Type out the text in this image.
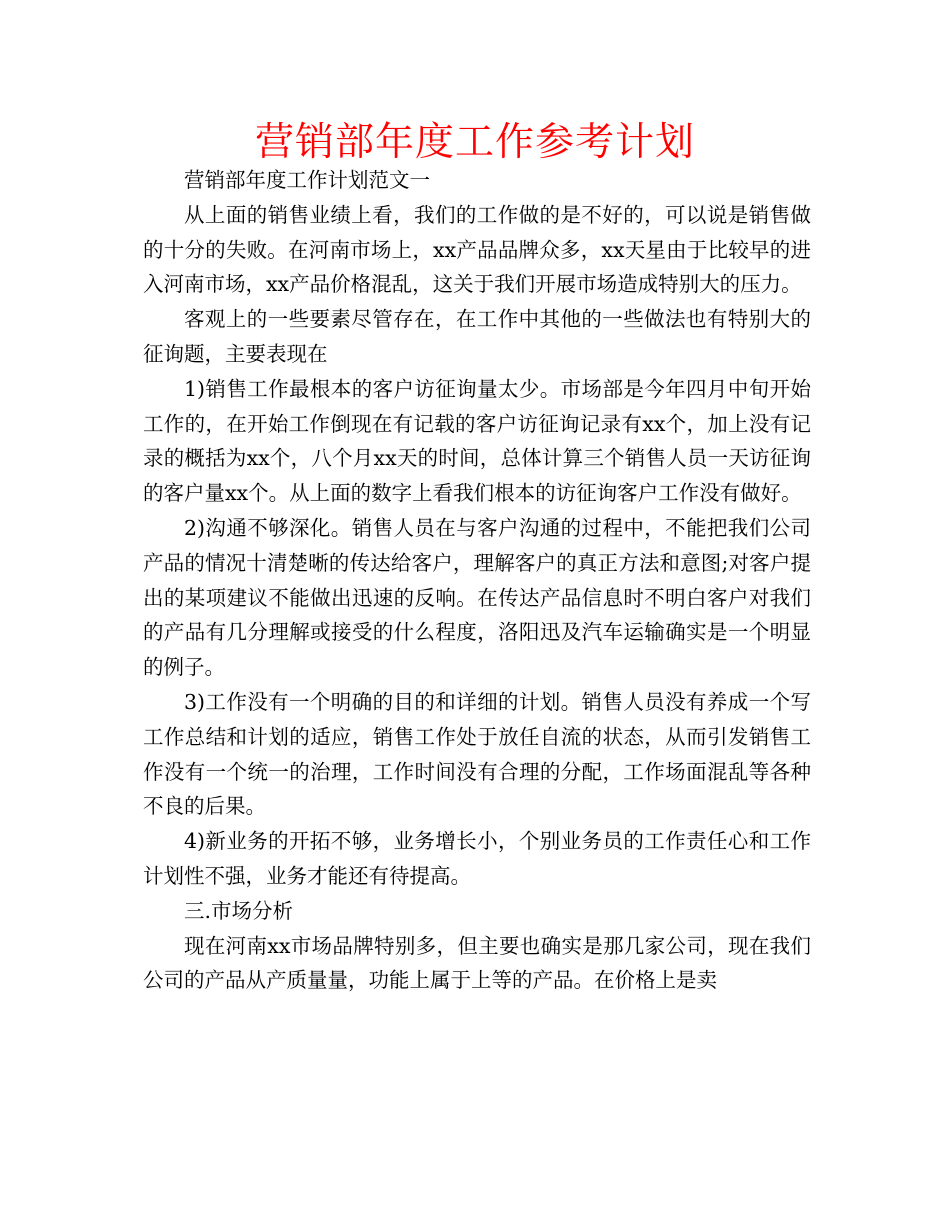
营销部年度工作参考计划

营销部年度工作计划范文一

从上面的销售业绩上看，我们的工作做的是不好的，可以说是销售做的十分的失败。在河南市场上，xx产品品牌众多，xx天星由于比较早的进入河南市场，xx产品价格混乱，这关于我们开展市场造成特别大的压力。

客观上的一些要素尽管存在，在工作中其他的一些做法也有特别大的征询题，主要表现在

1)销售工作最根本的客户访征询量太少。市场部是今年四月中旬开始工作的，在开始工作倒现在有记载的客户访征询记录有xx个，加上没有记录的概括为xx个，八个月xx天的时间，总体计算三个销售人员一天访征询的客户量xx个。从上面的数字上看我们根本的访征询客户工作没有做好。

2)沟通不够深化。销售人员在与客户沟通的过程中，不能把我们公司产品的情况十清楚晰的传达给客户，理解客户的真正方法和意图;对客户提出的某项建议不能做出迅速的反响。在传达产品信息时不明白客户对我们的产品有几分理解或接受的什么程度，洛阳迅及汽车运输确实是一个明显的例子。

3)工作没有一个明确的目的和详细的计划。销售人员没有养成一个写工作总结和计划的适应，销售工作处于放任自流的状态，从而引发销售工作没有一个统一的治理，工作时间没有合理的分配，工作场面混乱等各种不良的后果。

4)新业务的开拓不够，业务增长小，个别业务员的工作责任心和工作计划性不强，业务才能还有待提高。

三.市场分析

现在河南xx市场品牌特别多，但主要也确实是那几家公司，现在我们公司的产品从产质量量，功能上属于上等的产品。在价格上是卖
